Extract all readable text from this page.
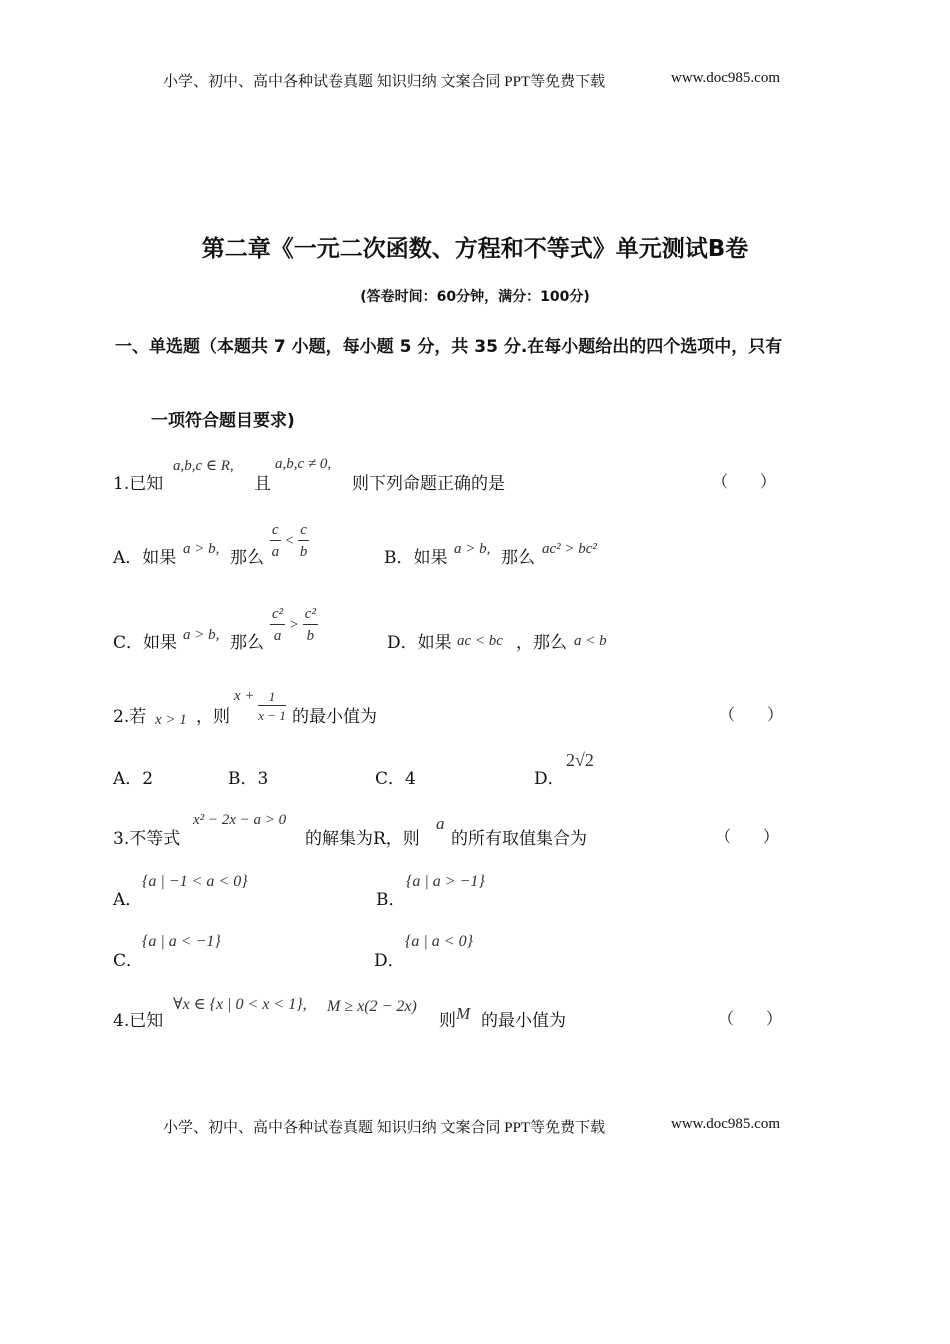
小学、初中、高中各种试卷真题 知识归纳 文案合同 PPT等免费下载	www.doc985.com
第二章《一元二次函数、方程和不等式》单元测试B卷
(答卷时间：60分钟，满分：100分)
一、单选题（本题共 7 小题，每小题 5 分，共 35 分.在每小题给出的四个选项中，只有
一项符合题目要求)
1.已知
a,b,c ∈ R,
且
a,b,c ≠ 0,
则下列命题正确的是	（　　）
A．如果 a > b, 那么 $\frac{c}{a} < \frac{c}{b}$	B．如果 a > b, 那么 ac² > bc²
C．如果 a > b, 那么 $\frac{\text{c²}}{a} > \frac{\text{c²}}{b}$	D．如果 ac < bc ，那么 a < b
2.若 x > 1 ，则
$x + \frac{1}{x - 1}$ 的最小值为	（　　）
A．2	B．3	C．4	D．
2√2
3.不等式
x² − 2x − a > 0
的解集为R，则
a
的所有取值集合为	（　　）
A．
{a | −1 < a < 0}
B．
{a | a > −1}
C．
{a | a < −1}
D．
{a | a < 0}
4.已知
∀x ∈ {x | 0 < x < 1}, M ≥ x(2 − 2x)
则 M 的最小值为	（　　）
小学、初中、高中各种试卷真题 知识归纳 文案合同 PPT等免费下载	www.doc985.com
